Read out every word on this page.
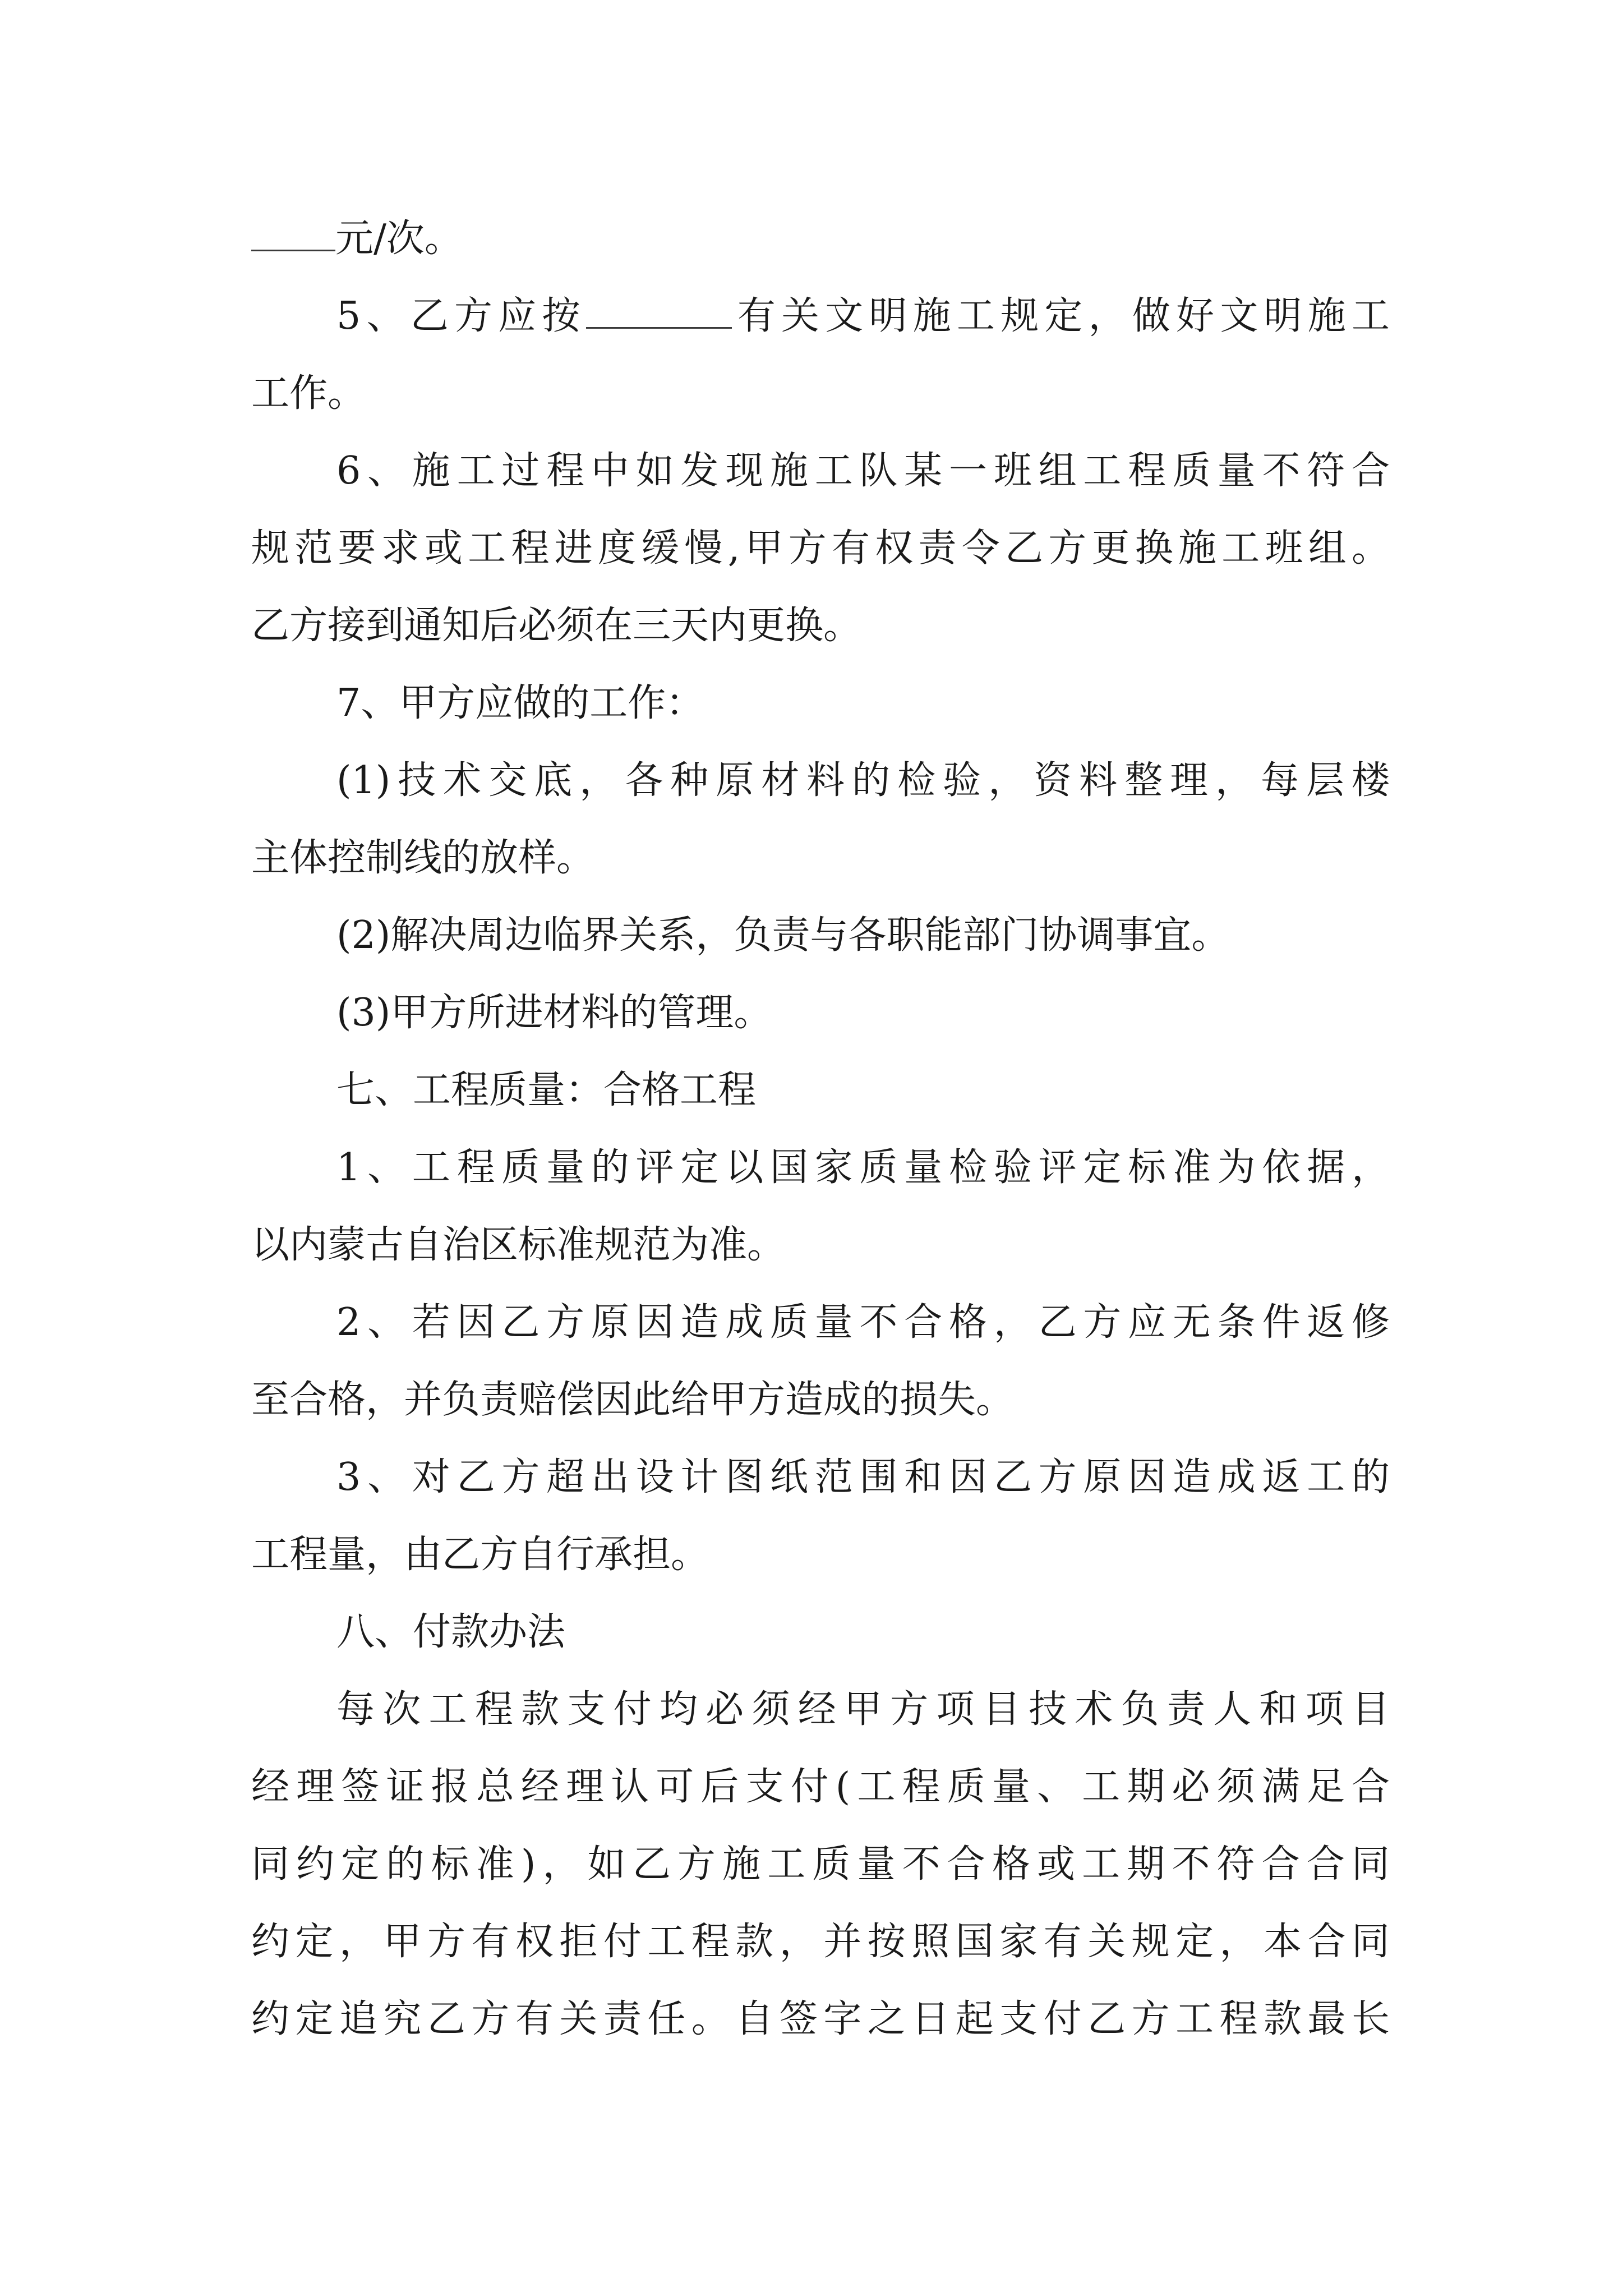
元/次。
5、乙方应按	有关文明施工规定，做好文明施工
工作。
6、施工过程中如发现施工队某一班组工程质量不符合
规范要求或工程进度缓慢,甲方有权责令乙方更换施工班组。
乙方接到通知后必须在三天内更换。
7、甲方应做的工作：
(1)技术交底，各种原材料的检验，资料整理，每层楼
主体控制线的放样。
(2)解决周边临界关系，负责与各职能部门协调事宜。
(3)甲方所进材料的管理。
七、工程质量：合格工程
1、工程质量的评定以国家质量检验评定标准为依据，
以内蒙古自治区标准规范为准。
2、若因乙方原因造成质量不合格，乙方应无条件返修
至合格，并负责赔偿因此给甲方造成的损失。
3、对乙方超出设计图纸范围和因乙方原因造成返工的
工程量，由乙方自行承担。
八、付款办法
每次工程款支付均必须经甲方项目技术负责人和项目
经理签证报总经理认可后支付(工程质量、工期必须满足合
同约定的标准)，如乙方施工质量不合格或工期不符合合同
约定，甲方有权拒付工程款，并按照国家有关规定，本合同
约定追究乙方有关责任。自签字之日起支付乙方工程款最长
